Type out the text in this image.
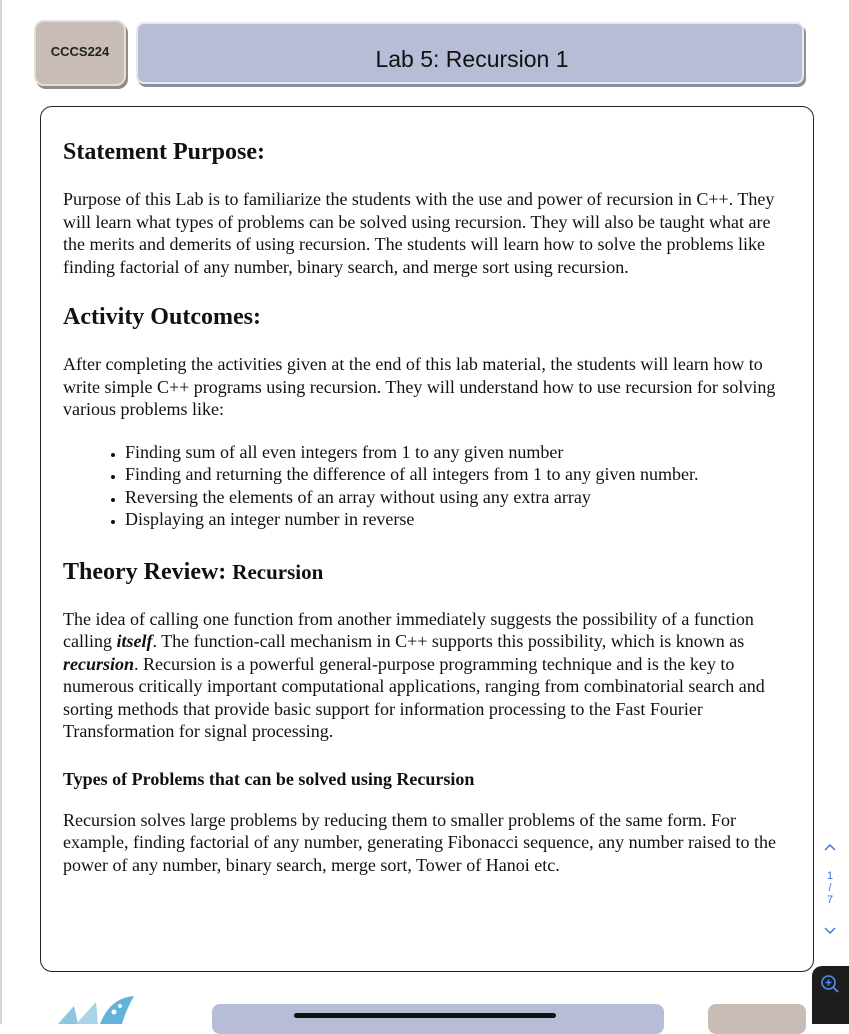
CCCS224	Lab 5: Recursion 1
Statement Purpose:

Purpose of this Lab is to familiarize the students with the use and power of recursion in C++. They will learn what types of problems can be solved using recursion. They will also be taught what are the merits and demerits of using recursion. The students will learn how to solve the problems like finding factorial of any number, binary search, and merge sort using recursion.

Activity Outcomes:

After completing the activities given at the end of this lab material, the students will learn how to write simple C++ programs using recursion. They will understand how to use recursion for solving various problems like:

• Finding sum of all even integers from 1 to any given number
• Finding and returning the difference of all integers from 1 to any given number.
• Reversing the elements of an array without using any extra array
• Displaying an integer number in reverse
Theory Review: Recursion

The idea of calling one function from another immediately suggests the possibility of a function calling itself. The function-call mechanism in C++ supports this possibility, which is known as recursion. Recursion is a powerful general-purpose programming technique and is the key to numerous critically important computational applications, ranging from combinatorial search and sorting methods that provide basic support for information processing to the Fast Fourier Transformation for signal processing.

Types of Problems that can be solved using Recursion

Recursion solves large problems by reducing them to smaller problems of the same form. For example, finding factorial of any number, generating Fibonacci sequence, any number raised to the power of any number, binary search, merge sort, Tower of Hanoi etc.

1
/
7
